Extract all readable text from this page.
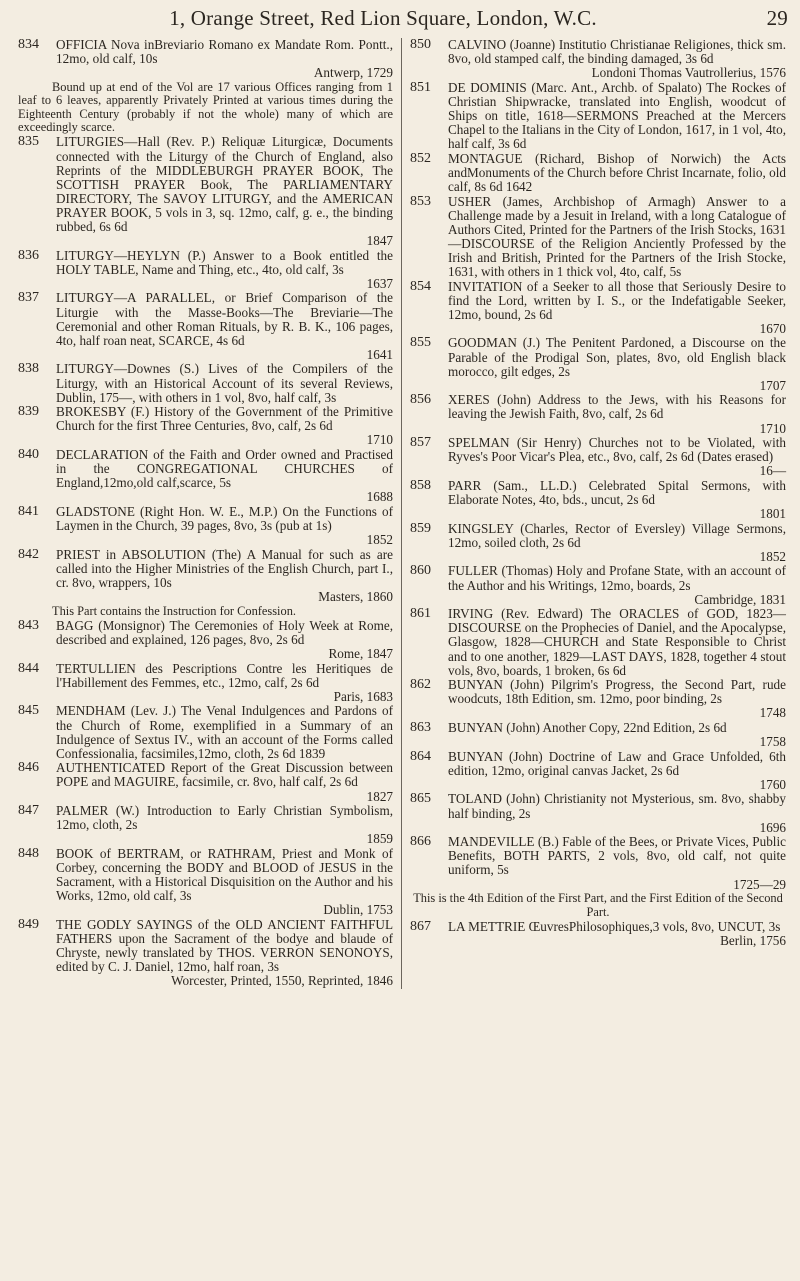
1, Orange Street, Red Lion Square, London, W.C.	29
834	OFFICIA Nova inBreviario Romano ex Mandate Rom. Pontt., 12mo, old calf, 10s
Antwerp, 1729
Bound up at end of the Vol are 17 various Offices ranging from 1 leaf to 6 leaves, apparently Privately Printed at various times during the Eighteenth Century (probably if not the whole) many of which are exceedingly scarce.
835	LITURGIES—Hall (Rev. P.) Reliquæ Liturgicæ, Documents connected with the Liturgy of the Church of England, also Reprints of the MIDDLEBURGH PRAYER BOOK, The SCOTTISH PRAYER Book, The PARLIAMENTARY DIRECTORY, The SAVOY LITURGY, and the AMERICAN PRAYER BOOK, 5 vols in 3, sq. 12mo, calf, g. e., the binding rubbed, 6s 6d
1847
836	LITURGY—HEYLYN (P.) Answer to a Book entitled the HOLY TABLE, Name and Thing, etc., 4to, old calf, 3s
1637
837	LITURGY—A PARALLEL, or Brief Comparison of the Liturgie with the Masse-Books—The Breviarie—The Ceremonial and other Roman Rituals, by R. B. K., 106 pages, 4to, half roan neat, SCARCE, 4s 6d
1641
838	LITURGY—Downes (S.) Lives of the Compilers of the Liturgy, with an Historical Account of its several Reviews, Dublin, 175—, with others in 1 vol, 8vo, half calf, 3s
839	BROKESBY (F.) History of the Government of the Primitive Church for the first Three Centuries, 8vo, calf, 2s 6d
1710
840	DECLARATION of the Faith and Order owned and Practised in the CONGREGATIONAL CHURCHES of England,12mo,old calf,scarce, 5s
1688
841	GLADSTONE (Right Hon. W. E., M.P.) On the Functions of Laymen in the Church, 39 pages, 8vo, 3s (pub at 1s)
1852
842	PRIEST in ABSOLUTION (The) A Manual for such as are called into the Higher Ministries of the English Church, part I., cr. 8vo, wrappers, 10s
Masters, 1860
This Part contains the Instruction for Confession.
843	BAGG (Monsignor) The Ceremonies of Holy Week at Rome, described and explained, 126 pages, 8vo, 2s 6d
Rome, 1847
844	TERTULLIEN des Pescriptions Contre les Heritiques de l'Habillement des Femmes, etc., 12mo, calf, 2s 6d
Paris, 1683
845	MENDHAM (Lev. J.) The Venal Indulgences and Pardons of the Church of Rome, exemplified in a Summary of an Indulgence of Sextus IV., with an account of the Forms called Confessionalia, facsimiles,12mo, cloth, 2s 6d 1839
846	AUTHENTICATED Report of the Great Discussion between POPE and MAGUIRE, facsimile, cr. 8vo, half calf, 2s 6d
1827
847	PALMER (W.) Introduction to Early Christian Symbolism, 12mo, cloth, 2s
1859
848	BOOK of BERTRAM, or RATHRAM, Priest and Monk of Corbey, concerning the BODY and BLOOD of JESUS in the Sacrament, with a Historical Disquisition on the Author and his Works, 12mo, old calf, 3s
Dublin, 1753
849	THE GODLY SAYINGS of the OLD ANCIENT FAITHFUL FATHERS upon the Sacrament of the bodye and blaude of Chryste, newly translated by THOS. VERRON SENONOYS, edited by C. J. Daniel, 12mo, half roan, 3s
Worcester, Printed, 1550, Reprinted, 1846
850	CALVINO (Joanne) Institutio Christianae Religiones, thick sm. 8vo, old stamped calf, the binding damaged, 3s 6d
Londoni Thomas Vautrollerius, 1576
851	DE DOMINIS (Marc. Ant., Archb. of Spalato) The Rockes of Christian Shipwracke, translated into English, woodcut of Ships on title, 1618—SERMONS Preached at the Mercers Chapel to the Italians in the City of London, 1617, in 1 vol, 4to, half calf, 3s 6d
852	MONTAGUE (Richard, Bishop of Norwich) the Acts andMonuments of the Church before Christ Incarnate, folio, old calf, 8s 6d 1642
853	USHER (James, Archbishop of Armagh) Answer to a Challenge made by a Jesuit in Ireland, with a long Catalogue of Authors Cited, Printed for the Partners of the Irish Stocks, 1631—DISCOURSE of the Religion Anciently Professed by the Irish and British, Printed for the Partners of the Irish Stocke, 1631, with others in 1 thick vol, 4to, calf, 5s
854	INVITATION of a Seeker to all those that Seriously Desire to find the Lord, written by I. S., or the Indefatigable Seeker, 12mo, bound, 2s 6d
1670
855	GOODMAN (J.) The Penitent Pardoned, a Discourse on the Parable of the Prodigal Son, plates, 8vo, old English black morocco, gilt edges, 2s
1707
856	XERES (John) Address to the Jews, with his Reasons for leaving the Jewish Faith, 8vo, calf, 2s 6d
1710
857	SPELMAN (Sir Henry) Churches not to be Violated, with Ryves's Poor Vicar's Plea, etc., 8vo, calf, 2s 6d (Dates erased)
16—
858	PARR (Sam., LL.D.) Celebrated Spital Sermons, with Elaborate Notes, 4to, bds., uncut, 2s 6d
1801
859	KINGSLEY (Charles, Rector of Eversley) Village Sermons, 12mo, soiled cloth, 2s 6d
1852
860	FULLER (Thomas) Holy and Profane State, with an account of the Author and his Writings, 12mo, boards, 2s
Cambridge, 1831
861	IRVING (Rev. Edward) The ORACLES of GOD, 1823—DISCOURSE on the Prophecies of Daniel, and the Apocalypse, Glasgow, 1828—CHURCH and State Responsible to Christ and to one another, 1829—LAST DAYS, 1828, together 4 stout vols, 8vo, boards, 1 broken, 6s 6d
862	BUNYAN (John) Pilgrim's Progress, the Second Part, rude woodcuts, 18th Edition, sm. 12mo, poor binding, 2s
1748
863	BUNYAN (John) Another Copy, 22nd Edition, 2s 6d
1758
864	BUNYAN (John) Doctrine of Law and Grace Unfolded, 6th edition, 12mo, original canvas Jacket, 2s 6d
1760
865	TOLAND (John) Christianity not Mysterious, sm. 8vo, shabby half binding, 2s
1696
866	MANDEVILLE (B.) Fable of the Bees, or Private Vices, Public Benefits, BOTH PARTS, 2 vols, 8vo, old calf, not quite uniform, 5s
1725—29
This is the 4th Edition of the First Part, and the First Edition of the Second Part.
867	LA METTRIE ŒuvresPhilosophiques,3 vols, 8vo, UNCUT, 3s
Berlin, 1756
